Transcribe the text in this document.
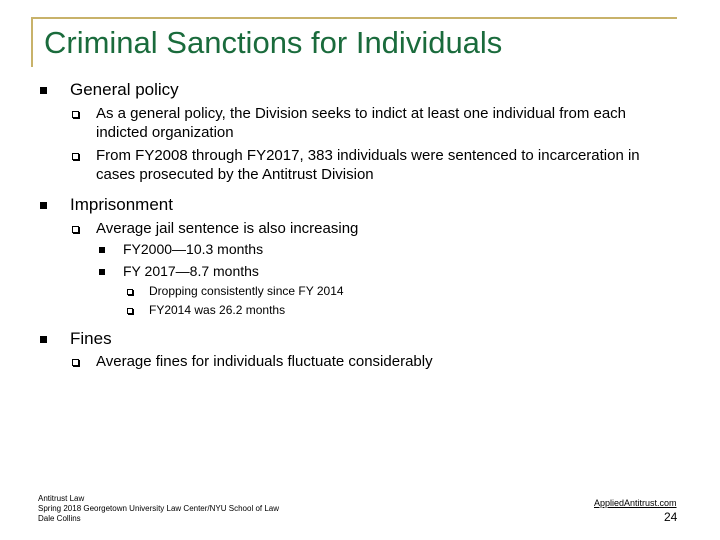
Criminal Sanctions for Individuals
General policy
As a general policy, the Division seeks to indict at least one individual from each
indicted organization
From FY2008 through FY2017, 383 individuals were sentenced to incarceration in
cases prosecuted by the Antitrust Division
Imprisonment
Average jail sentence is also increasing
FY2000—10.3 months
FY 2017—8.7 months
Dropping consistently since FY 2014
FY2014 was 26.2 months
Fines
Average fines for individuals fluctuate considerably
Antitrust Law
Spring 2018 Georgetown University Law Center/NYU School of Law
Dale Collins
AppliedAntitrust.com
24
